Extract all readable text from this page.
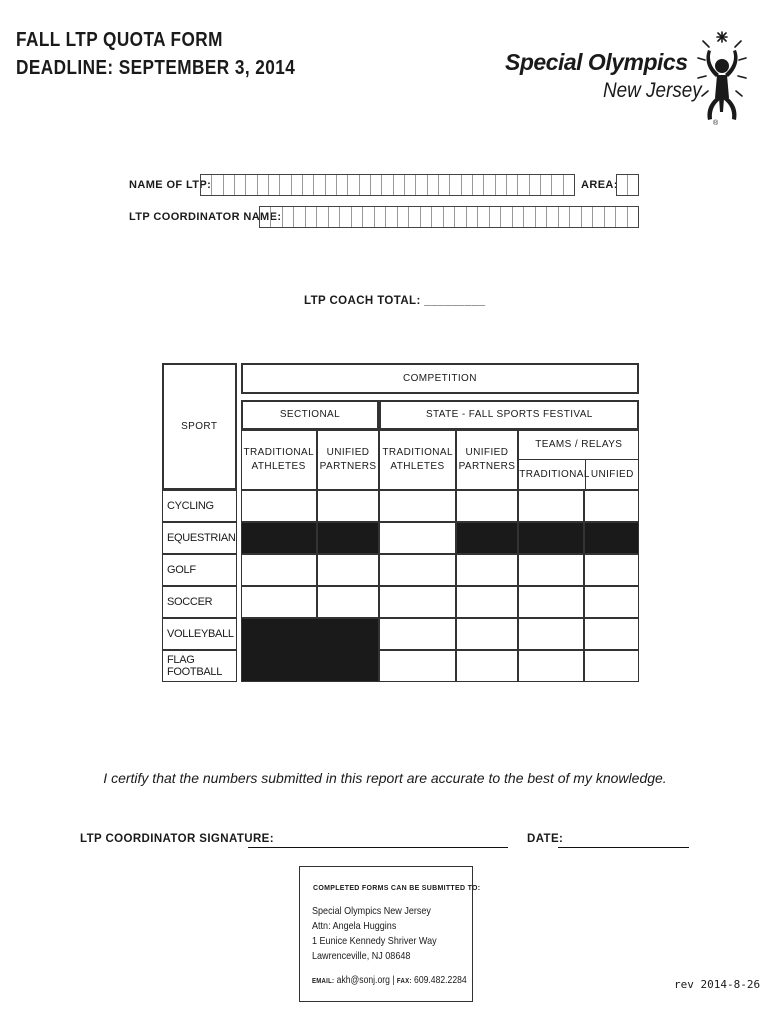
FALL LTP QUOTA FORM
DEADLINE: SEPTEMBER 3, 2014	Special Olympics
New Jersey
®
NAME OF LTP:	AREA:
LTP COORDINATOR NAME:
LTP COACH TOTAL: _________
SPORT		COMPETITION					

		SECTIONAL		STATE - FALL SPORTS FESTIVAL			
		TRADITIONAL ATHLETES	UNIFIED PARTNERS	TRADITIONAL ATHLETES	UNIFIED PARTNERS	TEAMS / RELAYS
TRADITIONAL UNIFIED	

CYCLING							
EQUESTRIAN							
GOLF							
SOCCER							
VOLLEYBALL							
FLAG FOOTBALL							
I certify that the numbers submitted in this report are accurate to the best of my knowledge.
LTP COORDINATOR SIGNATURE:	DATE:
COMPLETED FORMS CAN BE SUBMITTED TO:
Special Olympics New Jersey
Attn: Angela Huggins
1 Eunice Kennedy Shriver Way
Lawrenceville, NJ 08648
EMAIL: akh@sonj.org | FAX: 609.482.2284	rev 2014-8-26
